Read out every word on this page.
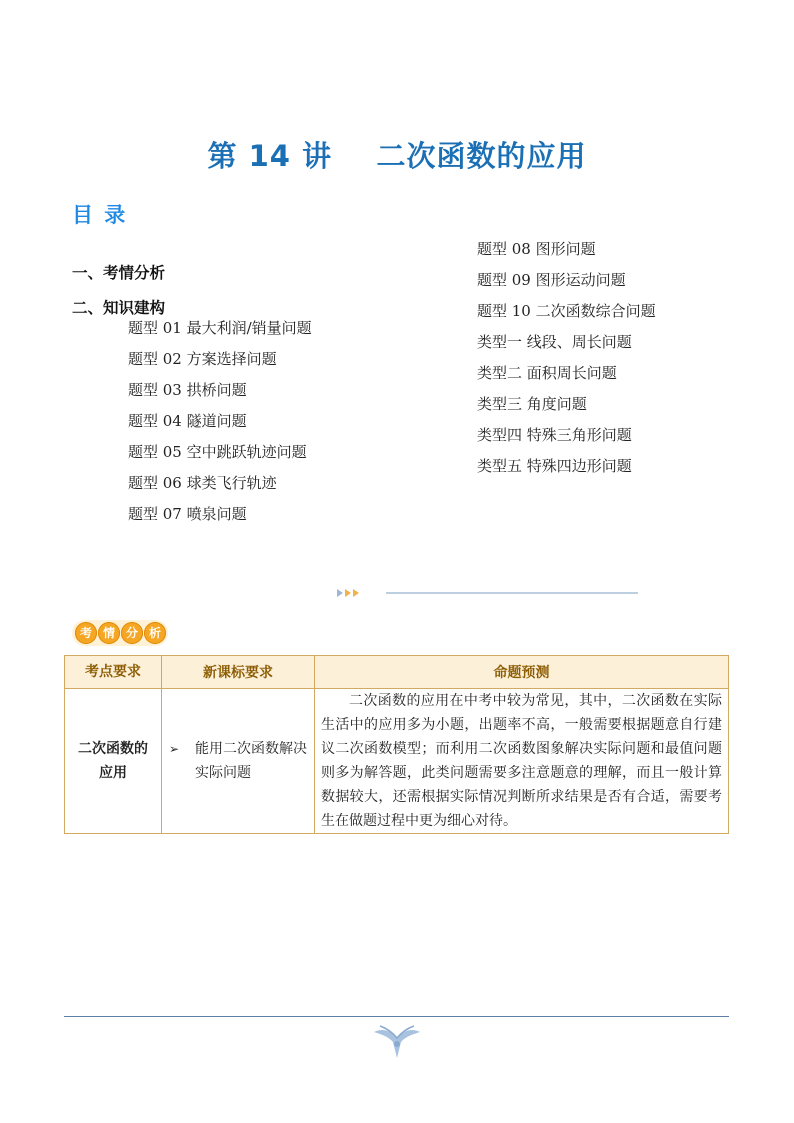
第 14 讲    二次函数的应用
目 录
一、考情分析
二、知识建构
题型 01 最大利润/销量问题
题型 02 方案选择问题
题型 03 拱桥问题
题型 04 隧道问题
题型 05 空中跳跃轨迹问题
题型 06 球类飞行轨迹
题型 07 喷泉问题
题型 08 图形问题
题型 09 图形运动问题
题型 10 二次函数综合问题
类型一 线段、周长问题
类型二 面积周长问题
类型三 角度问题
类型四 特殊三角形问题
类型五 特殊四边形问题
考 情 分 析
考点要求	新课标要求	命题预测

二次函数的应用	➢ 能用二次函数解决实际问题	二次函数的应用在中考中较为常见，其中，二次函数在实际生活中的应用多为小题，出题率不高，一般需要根据题意自行建议二次函数模型；而利用二次函数图象解决实际问题和最值问题则多为解答题，此类问题需要多注意题意的理解，而且一般计算数据较大，还需根据实际情况判断所求结果是否有合适，需要考生在做题过程中更为细心对待。
